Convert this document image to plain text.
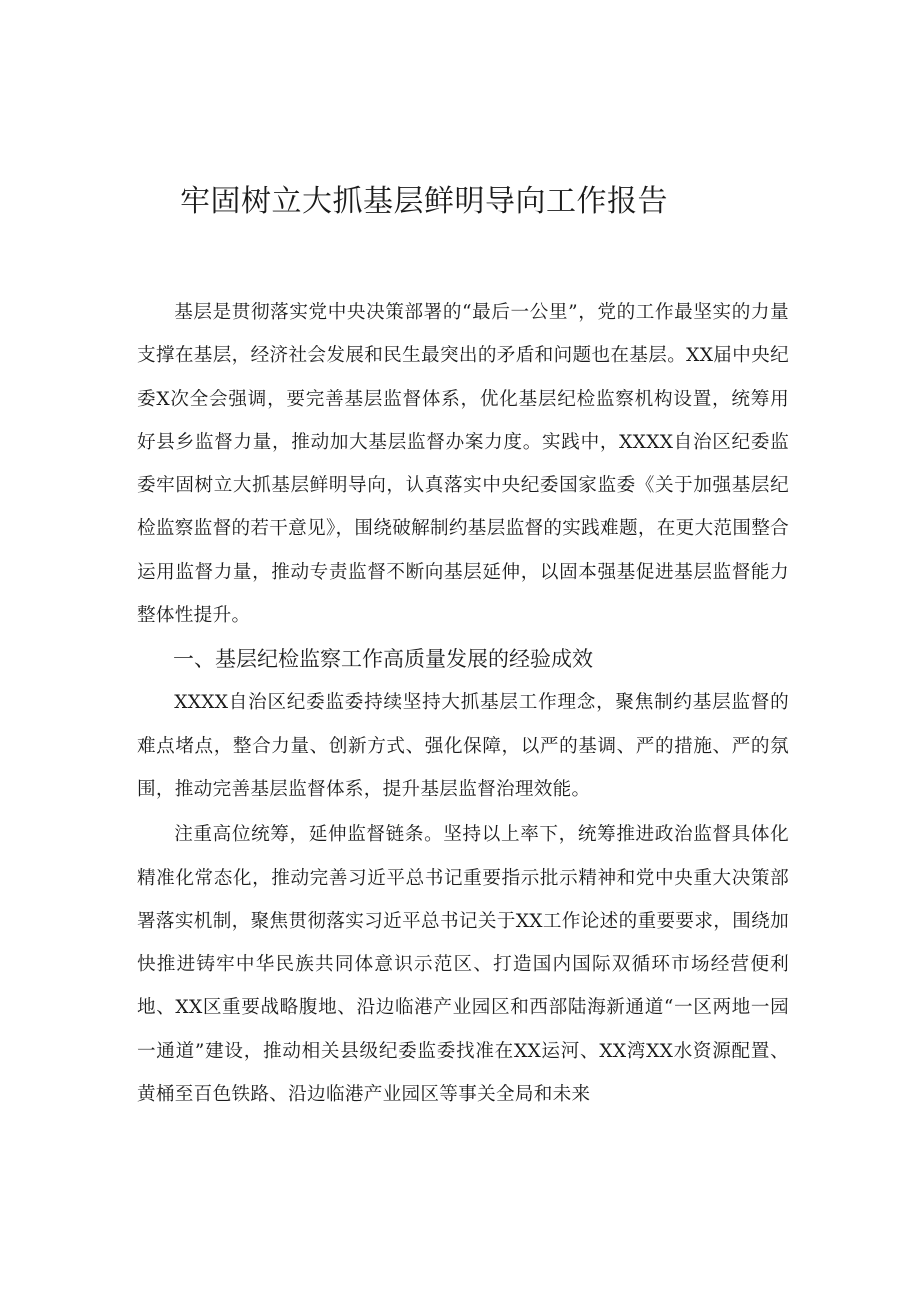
牢固树立大抓基层鲜明导向工作报告

基层是贯彻落实党中央决策部署的“最后一公里”，党的工作最坚实的力量支撑在基层，经济社会发展和民生最突出的矛盾和问题也在基层。XX届中央纪委X次全会强调，要完善基层监督体系，优化基层纪检监察机构设置，统筹用好县乡监督力量，推动加大基层监督办案力度。实践中，XXXX自治区纪委监委牢固树立大抓基层鲜明导向，认真落实中央纪委国家监委《关于加强基层纪检监察监督的若干意见》，围绕破解制约基层监督的实践难题，在更大范围整合运用监督力量，推动专责监督不断向基层延伸，以固本强基促进基层监督能力整体性提升。

一、基层纪检监察工作高质量发展的经验成效

XXXX自治区纪委监委持续坚持大抓基层工作理念，聚焦制约基层监督的难点堵点，整合力量、创新方式、强化保障，以严的基调、严的措施、严的氛围，推动完善基层监督体系，提升基层监督治理效能。

注重高位统筹，延伸监督链条。坚持以上率下，统筹推进政治监督具体化精准化常态化，推动完善习近平总书记重要指示批示精神和党中央重大决策部署落实机制，聚焦贯彻落实习近平总书记关于XX工作论述的重要要求，围绕加快推进铸牢中华民族共同体意识示范区、打造国内国际双循环市场经营便利地、XX区重要战略腹地、沿边临港产业园区和西部陆海新通道“一区两地一园一通道”建设，推动相关县级纪委监委找准在XX运河、XX湾XX水资源配置、黄桶至百色铁路、沿边临港产业园区等事关全局和未来
